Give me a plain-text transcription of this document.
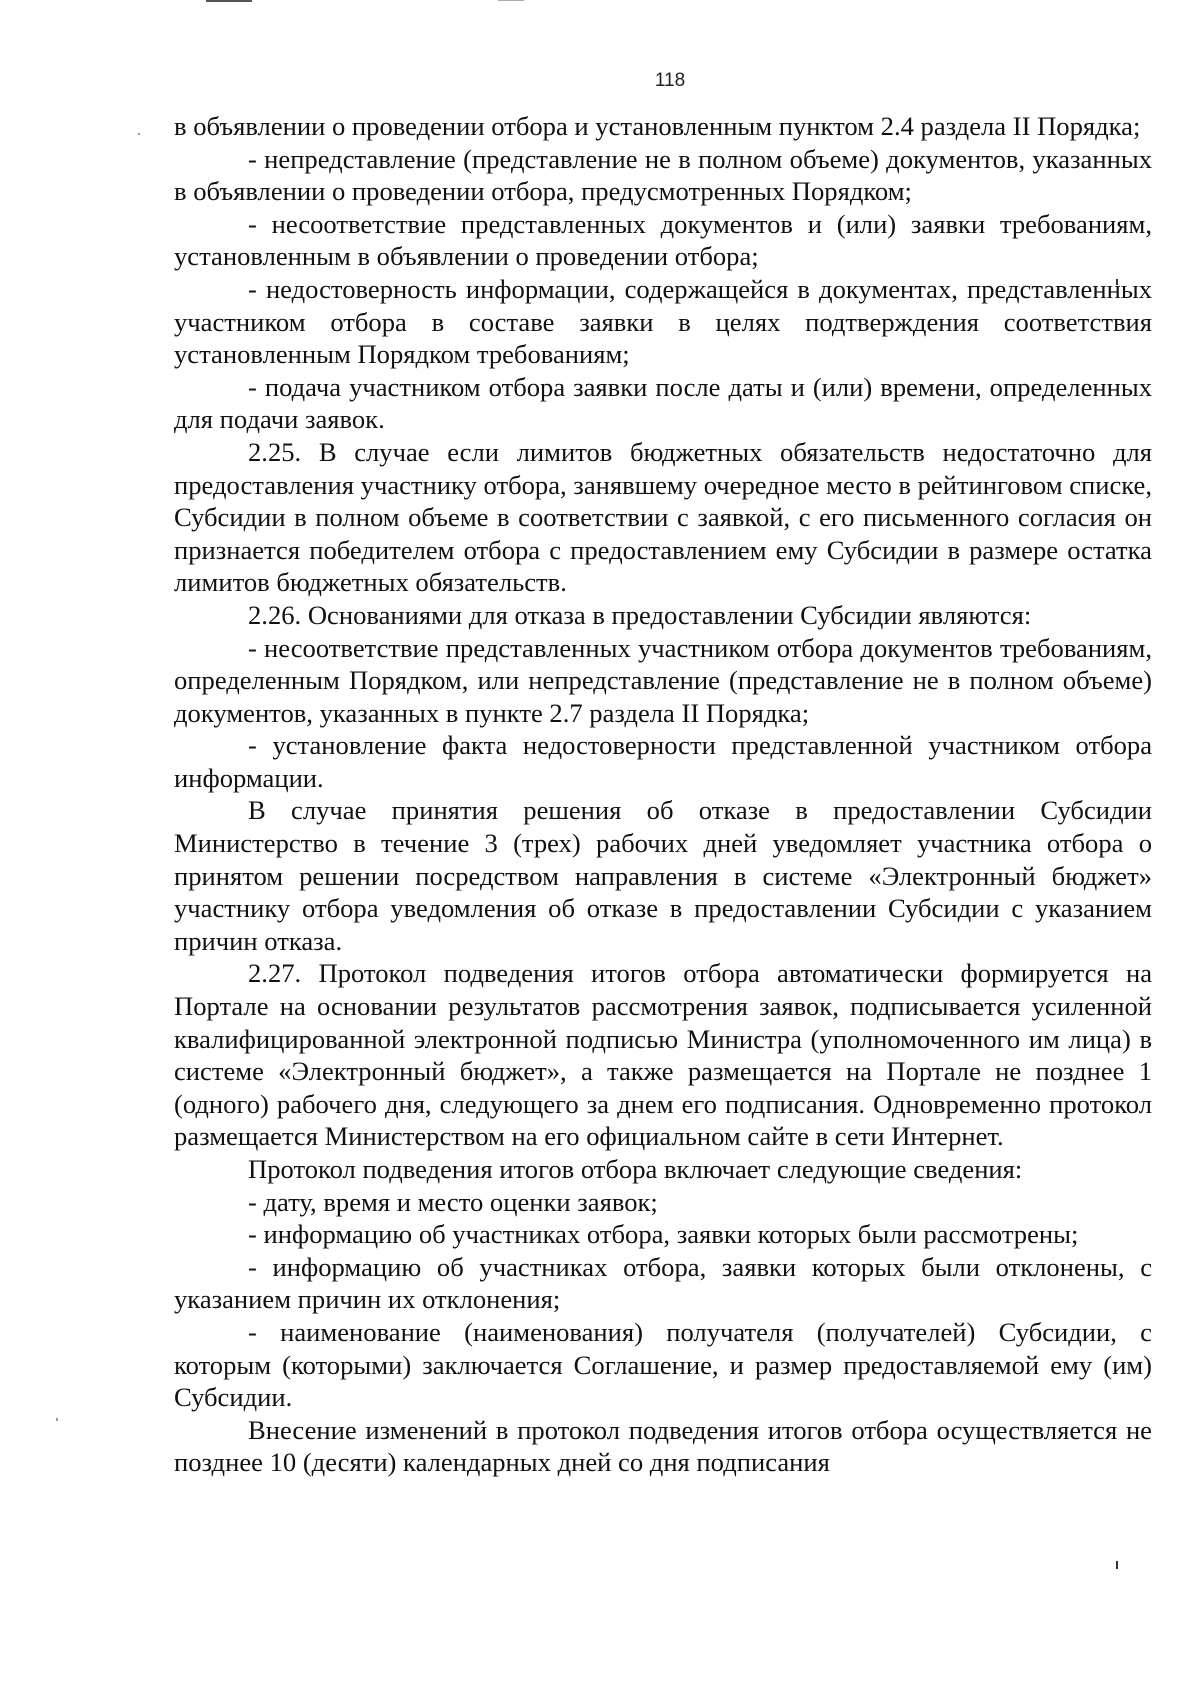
118

в объявлении о проведении отбора и установленным пунктом 2.4 раздела II Порядка;

- непредставление (представление не в полном объеме) документов, указанных в объявлении о проведении отбора, предусмотренных Порядком;

- несоответствие представленных документов и (или) заявки требованиям, установленным в объявлении о проведении отбора;

- недостоверность информации, содержащейся в документах, представленных участником отбора в составе заявки в целях подтверждения соответствия установленным Порядком требованиям;

- подача участником отбора заявки после даты и (или) времени, определенных для подачи заявок.

2.25. В случае если лимитов бюджетных обязательств недостаточно для предоставления участнику отбора, занявшему очередное место в рейтинговом списке, Субсидии в полном объеме в соответствии с заявкой, с его письменного согласия он признается победителем отбора с предоставлением ему Субсидии в размере остатка лимитов бюджетных обязательств.

2.26. Основаниями для отказа в предоставлении Субсидии являются:

- несоответствие представленных участником отбора документов требованиям, определенным Порядком, или непредставление (представление не в полном объеме) документов, указанных в пункте 2.7 раздела II Порядка;

- установление факта недостоверности представленной участником отбора информации.

В случае принятия решения об отказе в предоставлении Субсидии Министерство в течение 3 (трех) рабочих дней уведомляет участника отбора о принятом решении посредством направления в системе «Электронный бюджет» участнику отбора уведомления об отказе в предоставлении Субсидии с указанием причин отказа.

2.27. Протокол подведения итогов отбора автоматически формируется на Портале на основании результатов рассмотрения заявок, подписывается усиленной квалифицированной электронной подписью Министра (уполномоченного им лица) в системе «Электронный бюджет», а также размещается на Портале не позднее 1 (одного) рабочего дня, следующего за днем его подписания. Одновременно протокол размещается Министерством на его официальном сайте в сети Интернет.

Протокол подведения итогов отбора включает следующие сведения:

- дату, время и место оценки заявок;

- информацию об участниках отбора, заявки которых были рассмотрены;

- информацию об участниках отбора, заявки которых были отклонены, с указанием причин их отклонения;

- наименование (наименования) получателя (получателей) Субсидии, с которым (которыми) заключается Соглашение, и размер предоставляемой ему (им) Субсидии.

Внесение изменений в протокол подведения итогов отбора осуществляется не позднее 10 (десяти) календарных дней со дня подписания
